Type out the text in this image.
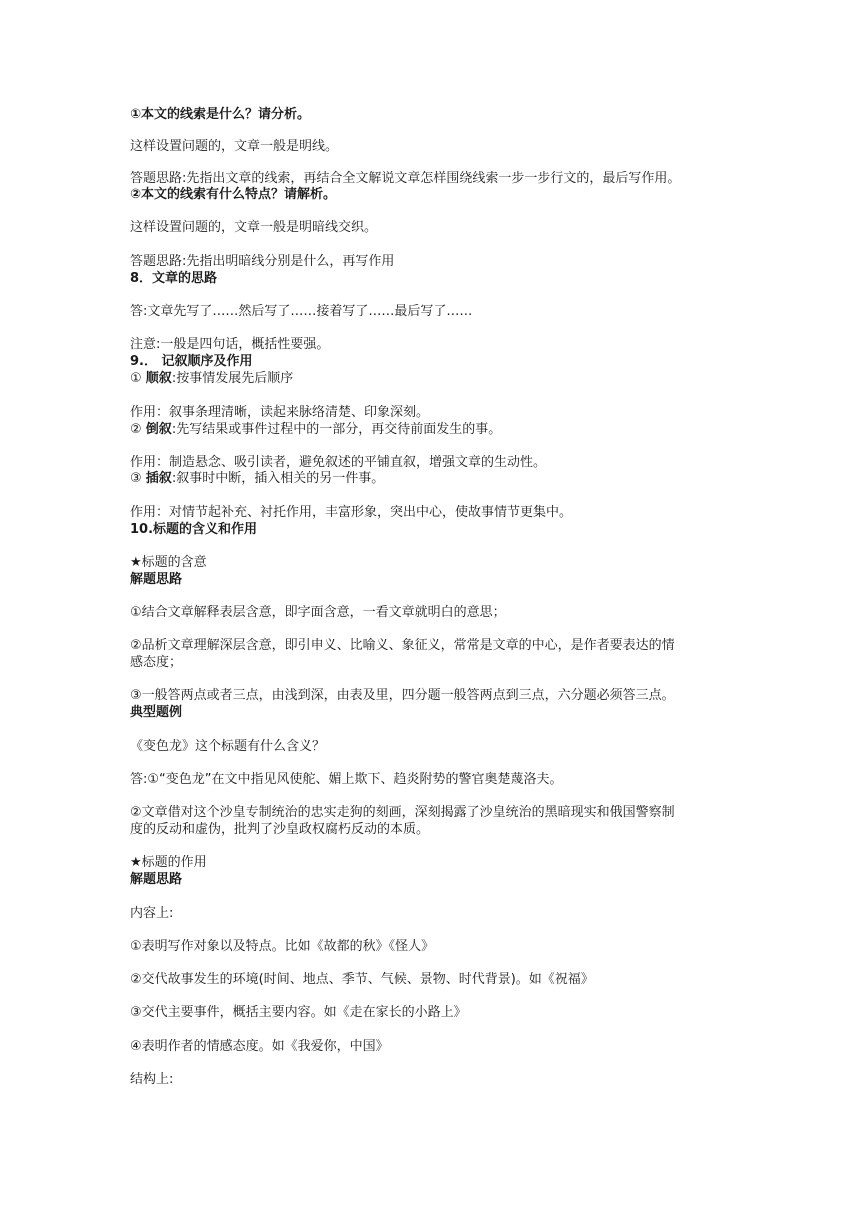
①本文的线索是什么？请分析。
这样设置问题的，文章一般是明线。
答题思路:先指出文章的线索，再结合全文解说文章怎样围绕线索一步一步行文的，最后写作用。
②本文的线索有什么特点？请解析。
这样设置问题的，文章一般是明暗线交织。
答题思路:先指出明暗线分别是什么，再写作用
8．文章的思路
答:文章先写了……然后写了……接着写了……最后写了……
注意:一般是四句话，概括性要强。
9.． 记叙顺序及作用
① 顺叙:按事情发展先后顺序
作用：叙事条理清晰，读起来脉络清楚、印象深刻。
② 倒叙:先写结果或事件过程中的一部分，再交待前面发生的事。
作用：制造悬念、吸引读者，避免叙述的平铺直叙，增强文章的生动性。
③ 插叙:叙事时中断，插入相关的另一件事。
作用：对情节起补充、衬托作用，丰富形象，突出中心，使故事情节更集中。
10.标题的含义和作用
★标题的含意
解题思路
①结合文章解释表层含意，即字面含意，一看文章就明白的意思；
②品析文章理解深层含意，即引申义、比喻义、象征义，常常是文章的中心，是作者要表达的情
感态度；
③一般答两点或者三点，由浅到深，由表及里，四分题一般答两点到三点，六分题必须答三点。
典型题例
《变色龙》这个标题有什么含义？
答:①“变色龙”在文中指见风使舵、媚上欺下、趋炎附势的警官奥楚蔑洛夫。
②文章借对这个沙皇专制统治的忠实走狗的刻画，深刻揭露了沙皇统治的黑暗现实和俄国警察制
度的反动和虚伪，批判了沙皇政权腐朽反动的本质。
★标题的作用
解题思路
内容上:
①表明写作对象以及特点。比如《故都的秋》《怪人》
②交代故事发生的环境(时间、地点、季节、气候、景物、时代背景)。如《祝福》
③交代主要事件，概括主要内容。如《走在家长的小路上》
④表明作者的情感态度。如《我爱你，中国》
结构上:
